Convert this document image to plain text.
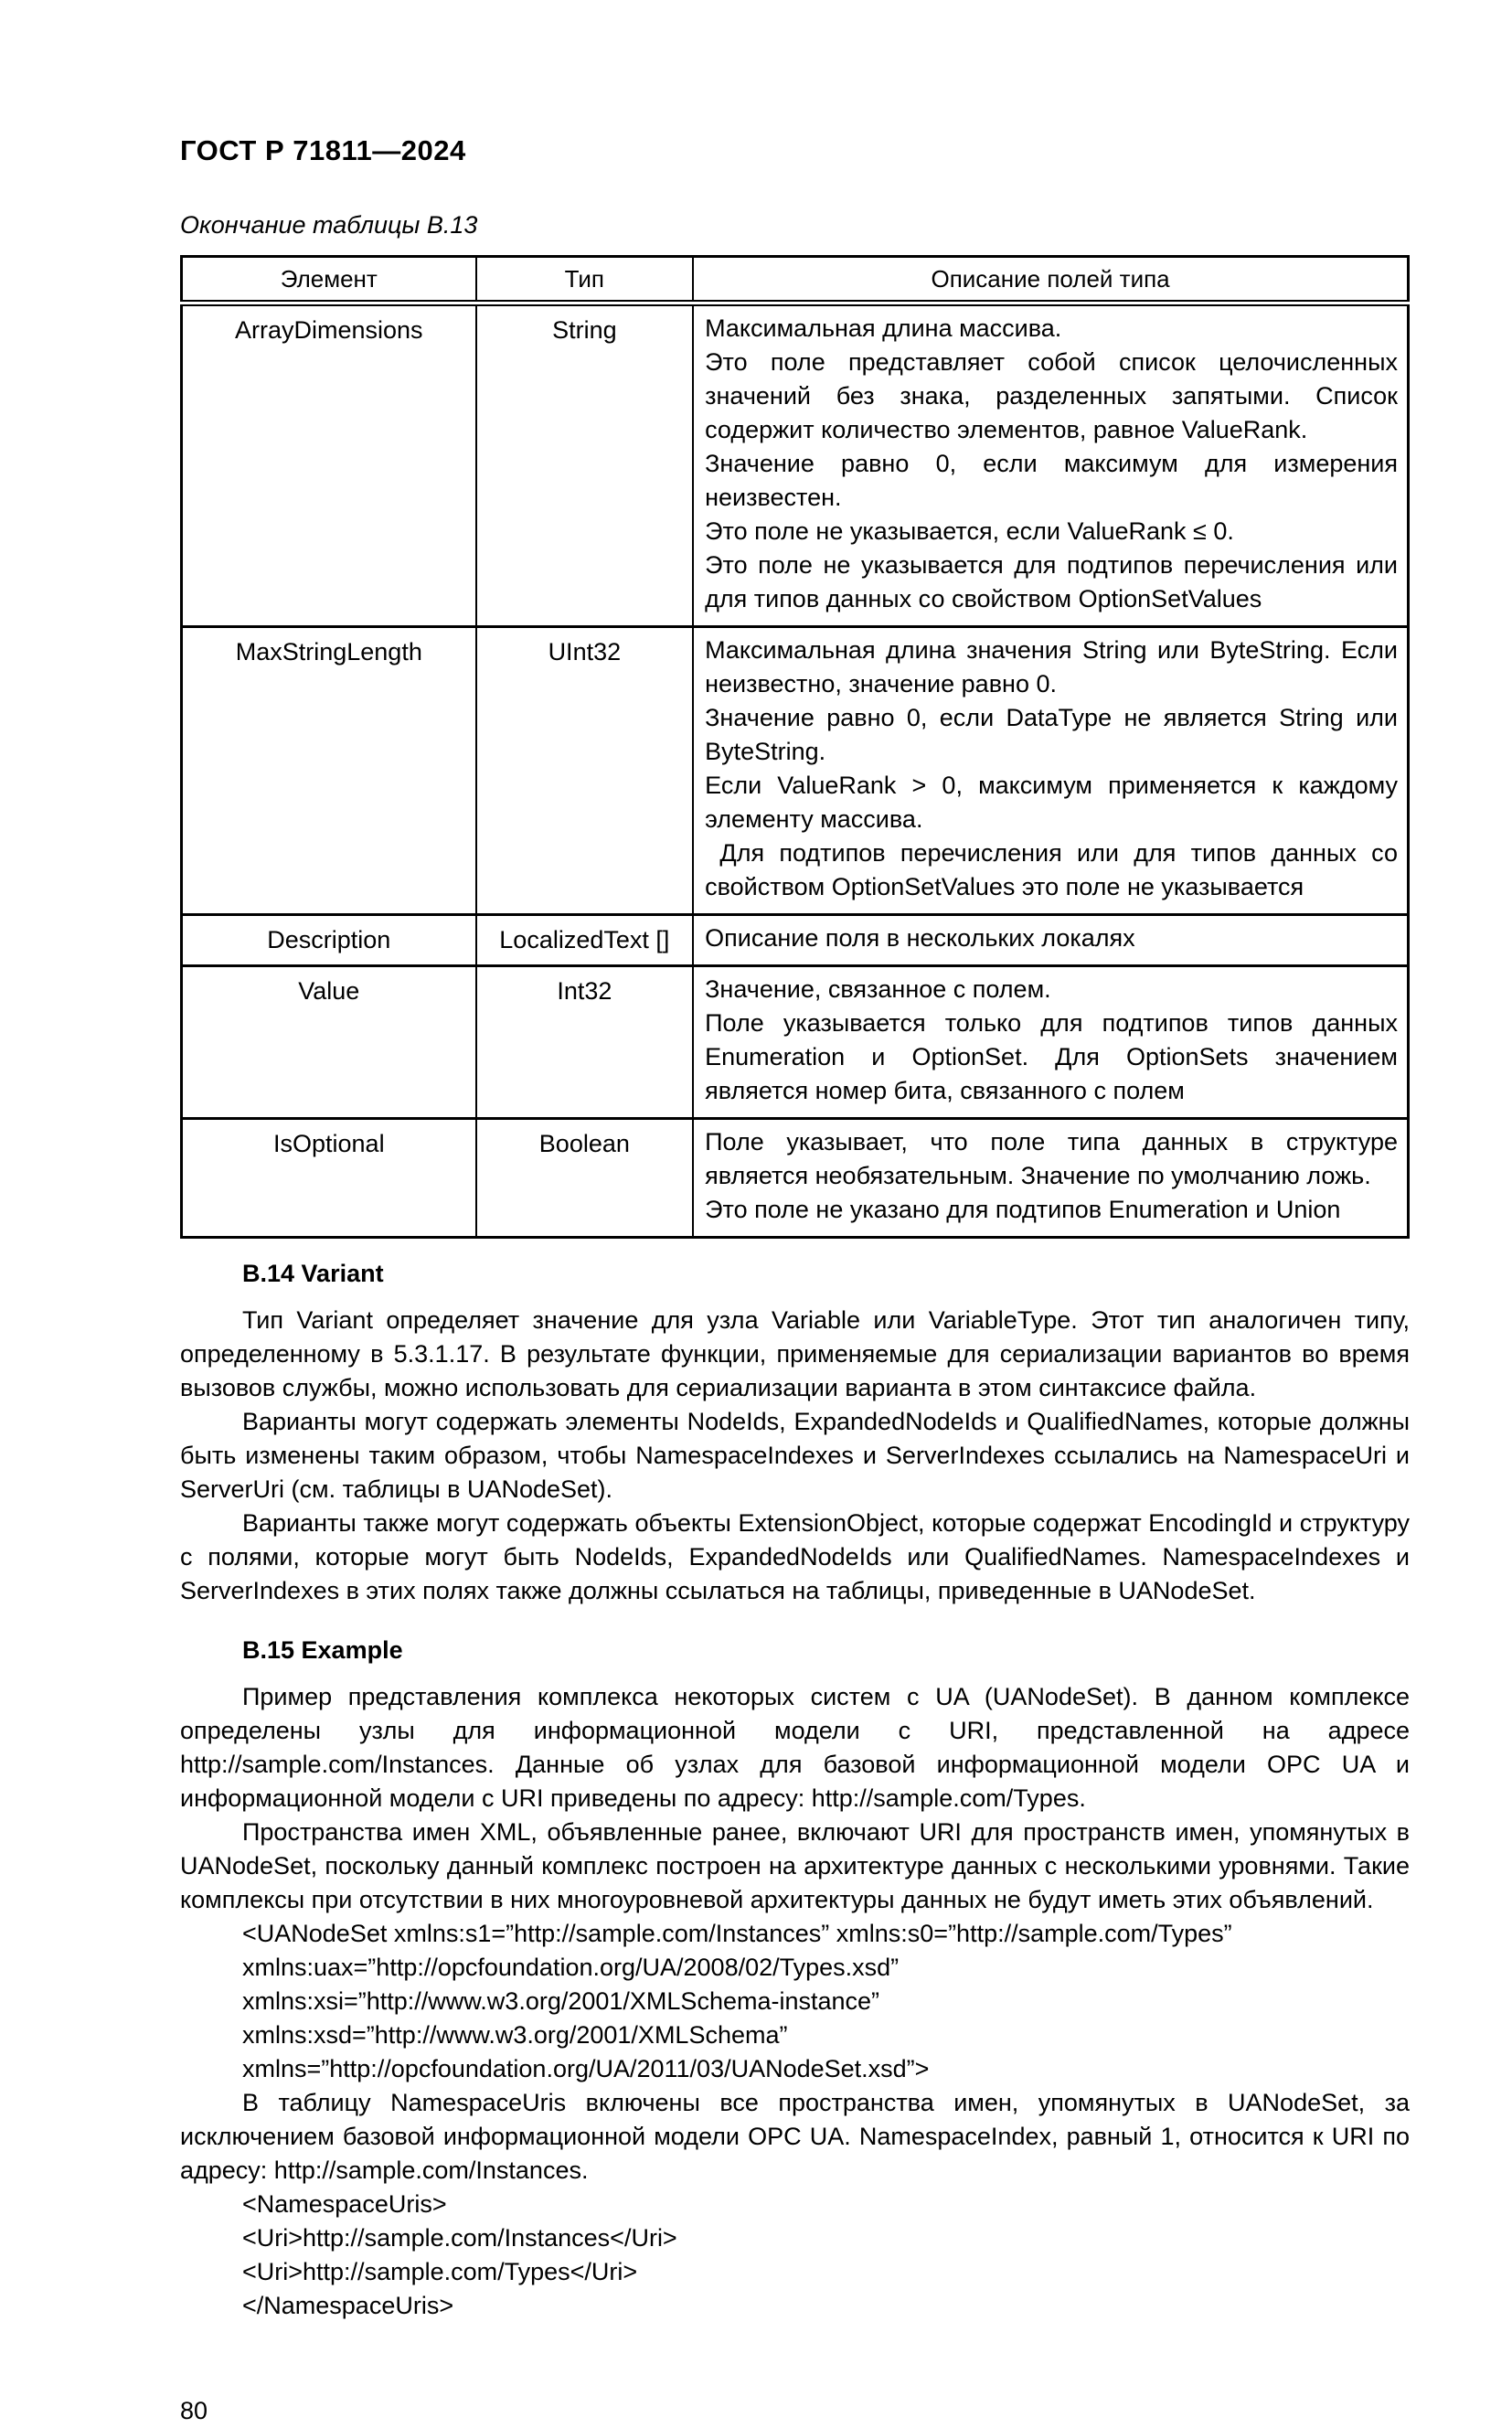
ГОСТ Р 71811—2024
Окончание таблицы В.13
Элемент	Тип	Описание полей типа
ArrayDimensions	String	Максимальная длина массива.
Это поле представляет собой список целочисленных значений без знака, разделенных запятыми. Список содержит количество элементов, равное ValueRank.
Значение равно 0, если максимум для измерения неизвестен.
Это поле не указывается, если ValueRank ≤ 0.
Это поле не указывается для подтипов перечисления или для типов данных со свойством OptionSetValues

MaxStringLength	UInt32	Максимальная длина значения String или ByteString. Если неизвестно, значение равно 0.
Значение равно 0, если DataType не является String или ByteString.
Если ValueRank > 0, максимум применяется к каждому элементу массива.
Для подтипов перечисления или для типов данных со свойством OptionSetValues это поле не указывается

Description	LocalizedText []	Описание поля в нескольких локалях

Value	Int32	Значение, связанное с полем.
Поле указывается только для подтипов типов данных Enumeration и OptionSet. Для OptionSets значением является номер бита, связанного с полем

IsOptional	Boolean	Поле указывает, что поле типа данных в структуре является необязательным. Значение по умолчанию ложь.
Это поле не указано для подтипов Enumeration и Union
В.14 Variant

Тип Variant определяет значение для узла Variable или VariableType. Этот тип аналогичен типу, определенному в 5.3.1.17. В результате функции, применяемые для сериализации вариантов во время вызовов службы, можно использовать для сериализации варианта в этом синтаксисе файла.

Варианты могут содержать элементы NodeIds, ExpandedNodeIds и QualifiedNames, которые должны быть изменены таким образом, чтобы NamespaceIndexes и ServerIndexes ссылались на NamespaceUri и ServerUri (см. таблицы в UANodeSet).

Варианты также могут содержать объекты ExtensionObject, которые содержат EncodingId и структуру с полями, которые могут быть NodeIds, ExpandedNodeIds или QualifiedNames. NamespaceIndexes и ServerIndexes в этих полях также должны ссылаться на таблицы, приведенные в UANodeSet.

В.15 Example

Пример представления комплекса некоторых систем с UA (UANodeSet). В данном комплексе определены узлы для информационной модели с URI, представленной на адресе http://sample.com/Instances. Данные об узлах для базовой информационной модели OPC UA и информационной модели с URI приведены по адресу: http://sample.com/Types.

Пространства имен XML, объявленные ранее, включают URI для пространств имен, упомянутых в UANodeSet, поскольку данный комплекс построен на архитектуре данных с несколькими уровнями. Такие комплексы при отсутствии в них многоуровневой архитектуры данных не будут иметь этих объявлений.

<UANodeSet xmlns:s1=”http://sample.com/Instances” xmlns:s0=”http://sample.com/Types”
xmlns:uax=”http://opcfoundation.org/UA/2008/02/Types.xsd”
xmlns:xsi=”http://www.w3.org/2001/XMLSchema-instance”
xmlns:xsd=”http://www.w3.org/2001/XMLSchema”
xmlns=”http://opcfoundation.org/UA/2011/03/UANodeSet.xsd”>

В таблицу NamespaceUris включены все пространства имен, упомянутых в UANodeSet, за исключением базовой информационной модели OPC UA. NamespaceIndex, равный 1, относится к URI по адресу: http://sample.com/Instances.

<NamespaceUris>
<Uri>http://sample.com/Instances</Uri>
<Uri>http://sample.com/Types</Uri>
</NamespaceUris>
80
